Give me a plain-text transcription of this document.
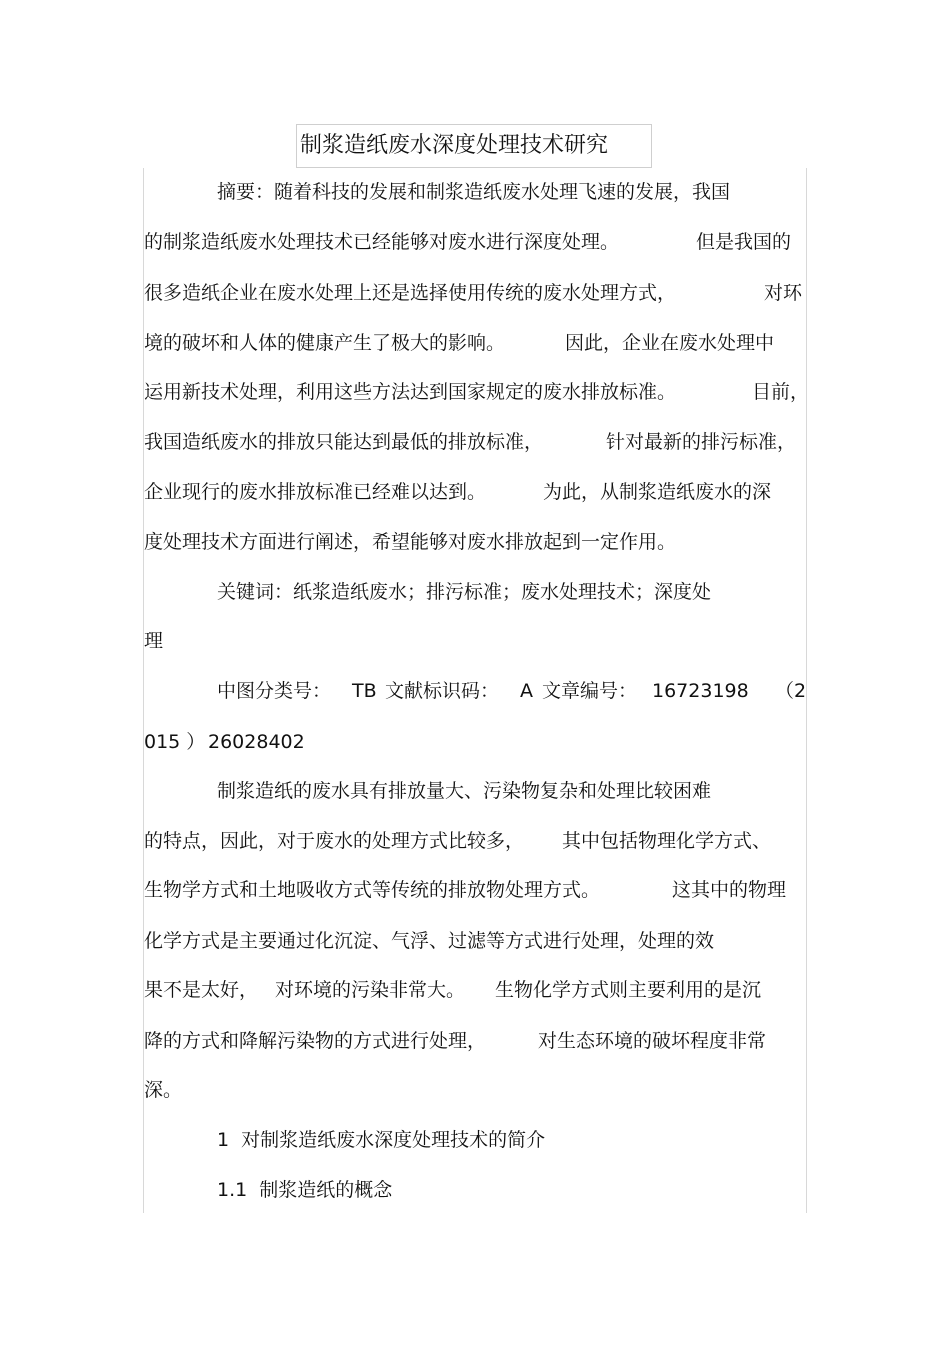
制浆造纸废水深度处理技术研究
摘要：随着科技的发展和制浆造纸废水处理飞速的发展，我国
的制浆造纸废水处理技术已经能够对废水进行深度处理。	但是我国的
很多造纸企业在废水处理上还是选择使用传统的废水处理方式，	对环
境的破坏和人体的健康产生了极大的影响。	因此，企业在废水处理中
运用新技术处理，利用这些方法达到国家规定的废水排放标准。	目前，
我国造纸废水的排放只能达到最低的排放标准，	针对最新的排污标准，
企业现行的废水排放标准已经难以达到。	为此，从制浆造纸废水的深
度处理技术方面进行阐述，希望能够对废水排放起到一定作用。
关键词：纸浆造纸废水；排污标准；废水处理技术；深度处
理
中图分类号： TB 文献标识码： A 文章编号： 16723198 （2
015 ） 26028402
制浆造纸的废水具有排放量大、污染物复杂和处理比较困难
的特点，因此，对于废水的处理方式比较多， 其中包括物理化学方式、
生物学方式和土地吸收方式等传统的排放物处理方式。	这其中的物理
化学方式是主要通过化沉淀、气浮、过滤等方式进行处理，处理的效
果不是太好， 对环境的污染非常大。 生物化学方式则主要利用的是沉
降的方式和降解污染物的方式进行处理，	对生态环境的破坏程度非常
深。
1  对制浆造纸废水深度处理技术的简介
1.1  制浆造纸的概念
